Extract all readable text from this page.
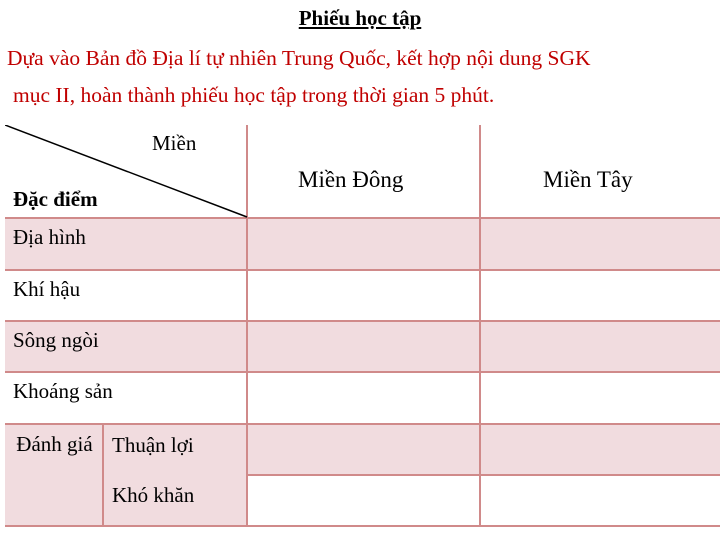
Phiếu học tập
Dựa vào Bản đồ Địa lí tự nhiên Trung Quốc, kết hợp nội dung SGK
mục II, hoàn thành phiếu học tập trong thời gian 5 phút.
Miền
Đặc điểm
Miền Đông	Miền Tây
Địa hình
Khí hậu
Sông ngòi
Khoáng sản
Đánh giá Thuận lợi
Khó khăn
